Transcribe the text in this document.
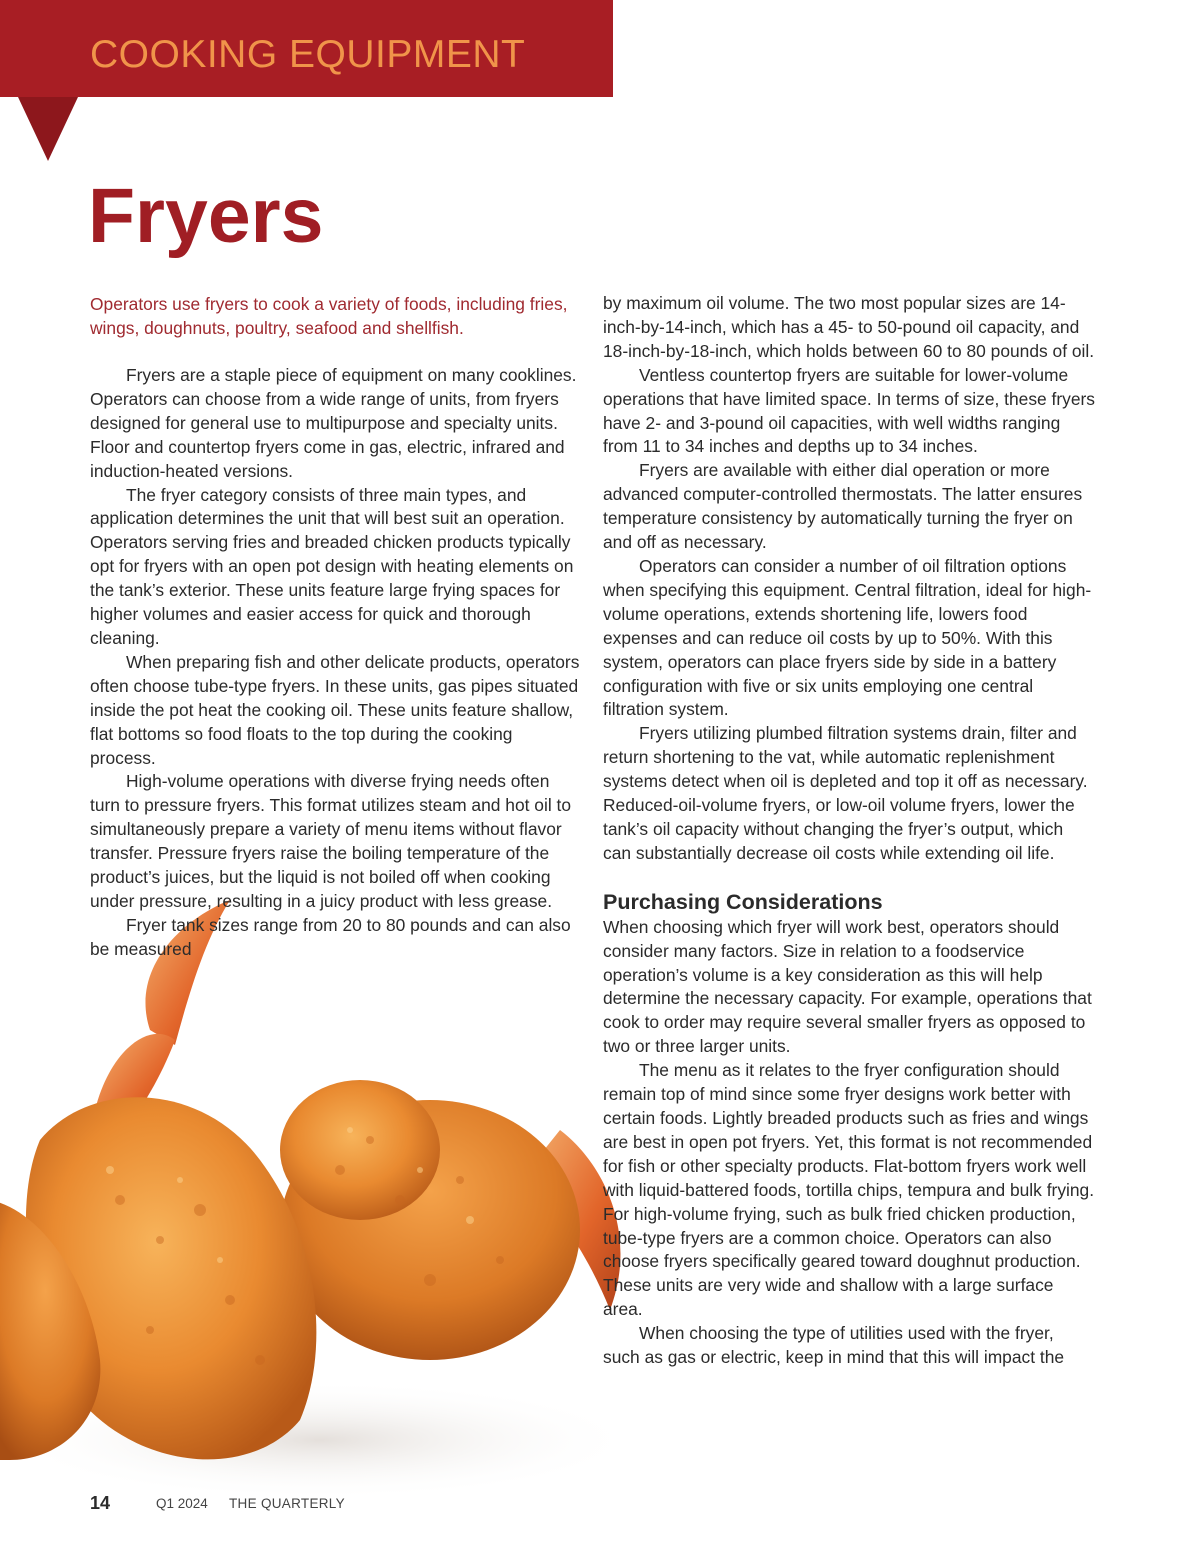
COOKING EQUIPMENT
Fryers
Operators use fryers to cook a variety of foods, including fries, wings, doughnuts, poultry, seafood and shellfish.

Fryers are a staple piece of equipment on many cooklines. Operators can choose from a wide range of units, from fryers designed for general use to multipurpose and specialty units. Floor and countertop fryers come in gas, electric, infrared and induction-heated versions.

The fryer category consists of three main types, and application determines the unit that will best suit an operation. Operators serving fries and breaded chicken products typically opt for fryers with an open pot design with heating elements on the tank’s exterior. These units feature large frying spaces for higher volumes and easier access for quick and thorough cleaning.

When preparing fish and other delicate products, operators often choose tube-type fryers. In these units, gas pipes situated inside the pot heat the cooking oil. These units feature shallow, flat bottoms so food floats to the top during the cooking process.

High-volume operations with diverse frying needs often turn to pressure fryers. This format utilizes steam and hot oil to simultaneously prepare a variety of menu items without flavor transfer. Pressure fryers raise the boiling temperature of the product’s juices, but the liquid is not boiled off when cooking under pressure, resulting in a juicy product with less grease.

Fryer tank sizes range from 20 to 80 pounds and can also be measured

by maximum oil volume. The two most popular sizes are 14-inch-by-14-inch, which has a 45- to 50-pound oil capacity, and 18-inch-by-18-inch, which holds between 60 to 80 pounds of oil.

Ventless countertop fryers are suitable for lower-volume operations that have limited space. In terms of size, these fryers have 2- and 3-pound oil capacities, with well widths ranging from 11 to 34 inches and depths up to 34 inches.

Fryers are available with either dial operation or more advanced computer-controlled thermostats. The latter ensures temperature consistency by automatically turning the fryer on and off as necessary.

Operators can consider a number of oil filtration options when specifying this equipment. Central filtration, ideal for high-volume operations, extends shortening life, lowers food expenses and can reduce oil costs by up to 50%. With this system, operators can place fryers side by side in a battery configuration with five or six units employing one central filtration system.

Fryers utilizing plumbed filtration systems drain, filter and return shortening to the vat, while automatic replenishment systems detect when oil is depleted and top it off as necessary. Reduced-oil-volume fryers, or low-oil volume fryers, lower the tank’s oil capacity without changing the fryer’s output, which can substantially decrease oil costs while extending oil life.

Purchasing Considerations

When choosing which fryer will work best, operators should consider many factors. Size in relation to a foodservice operation’s volume is a key consideration as this will help determine the necessary capacity. For example, operations that cook to order may require several smaller fryers as opposed to two or three larger units.

The menu as it relates to the fryer configuration should remain top of mind since some fryer designs work better with certain foods. Lightly breaded products such as fries and wings are best in open pot fryers. Yet, this format is not recommended for fish or other specialty products. Flat-bottom fryers work well with liquid-battered foods, tortilla chips, tempura and bulk frying. For high-volume frying, such as bulk fried chicken production, tube-type fryers are a common choice. Operators can also choose fryers specifically geared toward doughnut production. These units are very wide and shallow with a large surface area.

When choosing the type of utilities used with the fryer, such as gas or electric, keep in mind that this will impact the

14	Q1 2024 THE QUARTERLY
